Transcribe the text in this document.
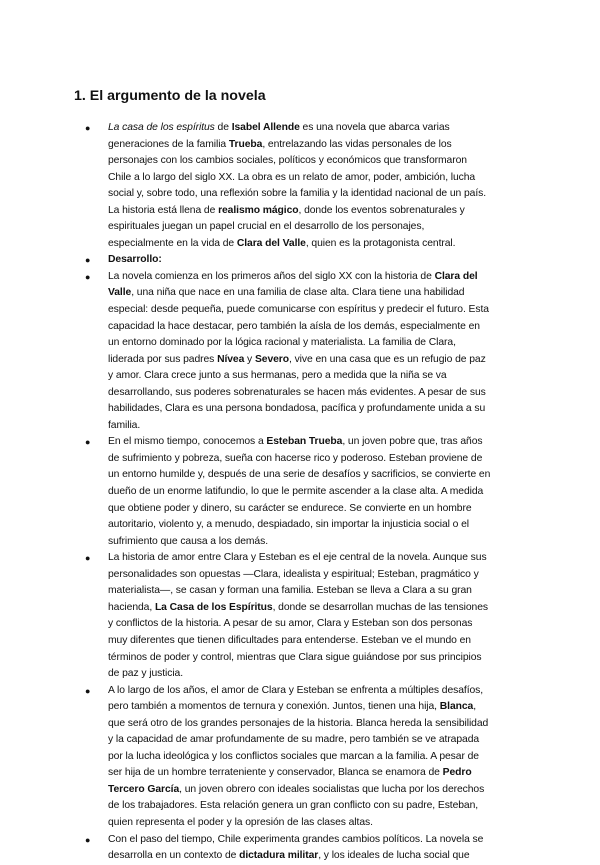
1. El argumento de la novela
● La casa de los espíritus de Isabel Allende es una novela que abarca varias
generaciones de la familia Trueba, entrelazando las vidas personales de los
personajes con los cambios sociales, políticos y económicos que transformaron
Chile a lo largo del siglo XX. La obra es un relato de amor, poder, ambición, lucha
social y, sobre todo, una reflexión sobre la familia y la identidad nacional de un país.
La historia está llena de realismo mágico, donde los eventos sobrenaturales y
espirituales juegan un papel crucial en el desarrollo de los personajes,
especialmente en la vida de Clara del Valle, quien es la protagonista central.
● Desarrollo:
● La novela comienza en los primeros años del siglo XX con la historia de Clara del
Valle, una niña que nace en una familia de clase alta. Clara tiene una habilidad
especial: desde pequeña, puede comunicarse con espíritus y predecir el futuro. Esta
capacidad la hace destacar, pero también la aísla de los demás, especialmente en
un entorno dominado por la lógica racional y materialista. La familia de Clara,
liderada por sus padres Nívea y Severo, vive en una casa que es un refugio de paz
y amor. Clara crece junto a sus hermanas, pero a medida que la niña se va
desarrollando, sus poderes sobrenaturales se hacen más evidentes. A pesar de sus
habilidades, Clara es una persona bondadosa, pacífica y profundamente unida a su
familia.
● En el mismo tiempo, conocemos a Esteban Trueba, un joven pobre que, tras años
de sufrimiento y pobreza, sueña con hacerse rico y poderoso. Esteban proviene de
un entorno humilde y, después de una serie de desafíos y sacrificios, se convierte en
dueño de un enorme latifundio, lo que le permite ascender a la clase alta. A medida
que obtiene poder y dinero, su carácter se endurece. Se convierte en un hombre
autoritario, violento y, a menudo, despiadado, sin importar la injusticia social o el
sufrimiento que causa a los demás.
● La historia de amor entre Clara y Esteban es el eje central de la novela. Aunque sus
personalidades son opuestas —Clara, idealista y espiritual; Esteban, pragmático y
materialista—, se casan y forman una familia. Esteban se lleva a Clara a su gran
hacienda, La Casa de los Espíritus, donde se desarrollan muchas de las tensiones
y conflictos de la historia. A pesar de su amor, Clara y Esteban son dos personas
muy diferentes que tienen dificultades para entenderse. Esteban ve el mundo en
términos de poder y control, mientras que Clara sigue guiándose por sus principios
de paz y justicia.
● A lo largo de los años, el amor de Clara y Esteban se enfrenta a múltiples desafíos,
pero también a momentos de ternura y conexión. Juntos, tienen una hija, Blanca,
que será otro de los grandes personajes de la historia. Blanca hereda la sensibilidad
y la capacidad de amar profundamente de su madre, pero también se ve atrapada
por la lucha ideológica y los conflictos sociales que marcan a la familia. A pesar de
ser hija de un hombre terrateniente y conservador, Blanca se enamora de Pedro
Tercero García, un joven obrero con ideales socialistas que lucha por los derechos
de los trabajadores. Esta relación genera un gran conflicto con su padre, Esteban,
quien representa el poder y la opresión de las clases altas.
● Con el paso del tiempo, Chile experimenta grandes cambios políticos. La novela se
desarrolla en un contexto de dictadura militar, y los ideales de lucha social que
